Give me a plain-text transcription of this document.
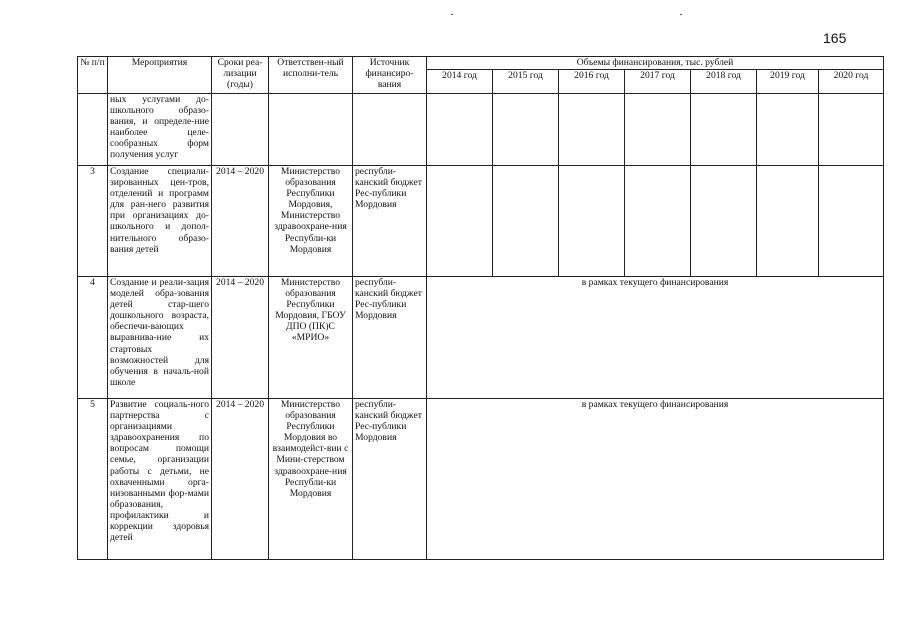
165
№ п/п	Мероприятия	Сроки реа-лизации (годы)	Ответствен-ный исполни-тель	Источник финансиро-вания	Объемы финансирования, тыс. рублей						
					2014 год	2015 год	2016 год	2017 год	2018 год	2019 год	2020 год
	ных услугами до-школьного образо-вания, и определе-ние наиболее целе-сообразных форм получения услуг										
3	Создание специали-зированных цен-тров, отделений и программ для ран-него развития при организациях до-школьного и допол-нительного образо-вания детей	2014 – 2020	Министерство образования Республики Мордовия, Министерство здравоохране-ния Республи-ки Мордовия	республи-канский бюджет Рес-публики Мордовия							
4	Создание и реали-зация моделей обра-зования детей стар-шего дошкольного возраста, обеспечи-вающих выравнива-ние их стартовых возможностей для обучения в началь-ной школе	2014 – 2020	Министерство образования Республики Мордовия, ГБОУ ДПО (ПК)С «МРИО»	республи-канский бюджет Рес-публики Мордовия	в рамках текущего финансирования						
5	Развитие социаль-ного партнерства с организациями здравоохранения по вопросам помощи семье, организации работы с детьми, не охваченными орга-низованными фор-мами образования, профилактики и коррекции здоровья детей	2014 – 2020	Министерство образования Республики Мордовия во взаимодейст-вии с Мини-стерством здравоохране-ния Республи-ки Мордовия	республи-канский бюджет Рес-публики Мордовия	в рамках текущего финансирования						
